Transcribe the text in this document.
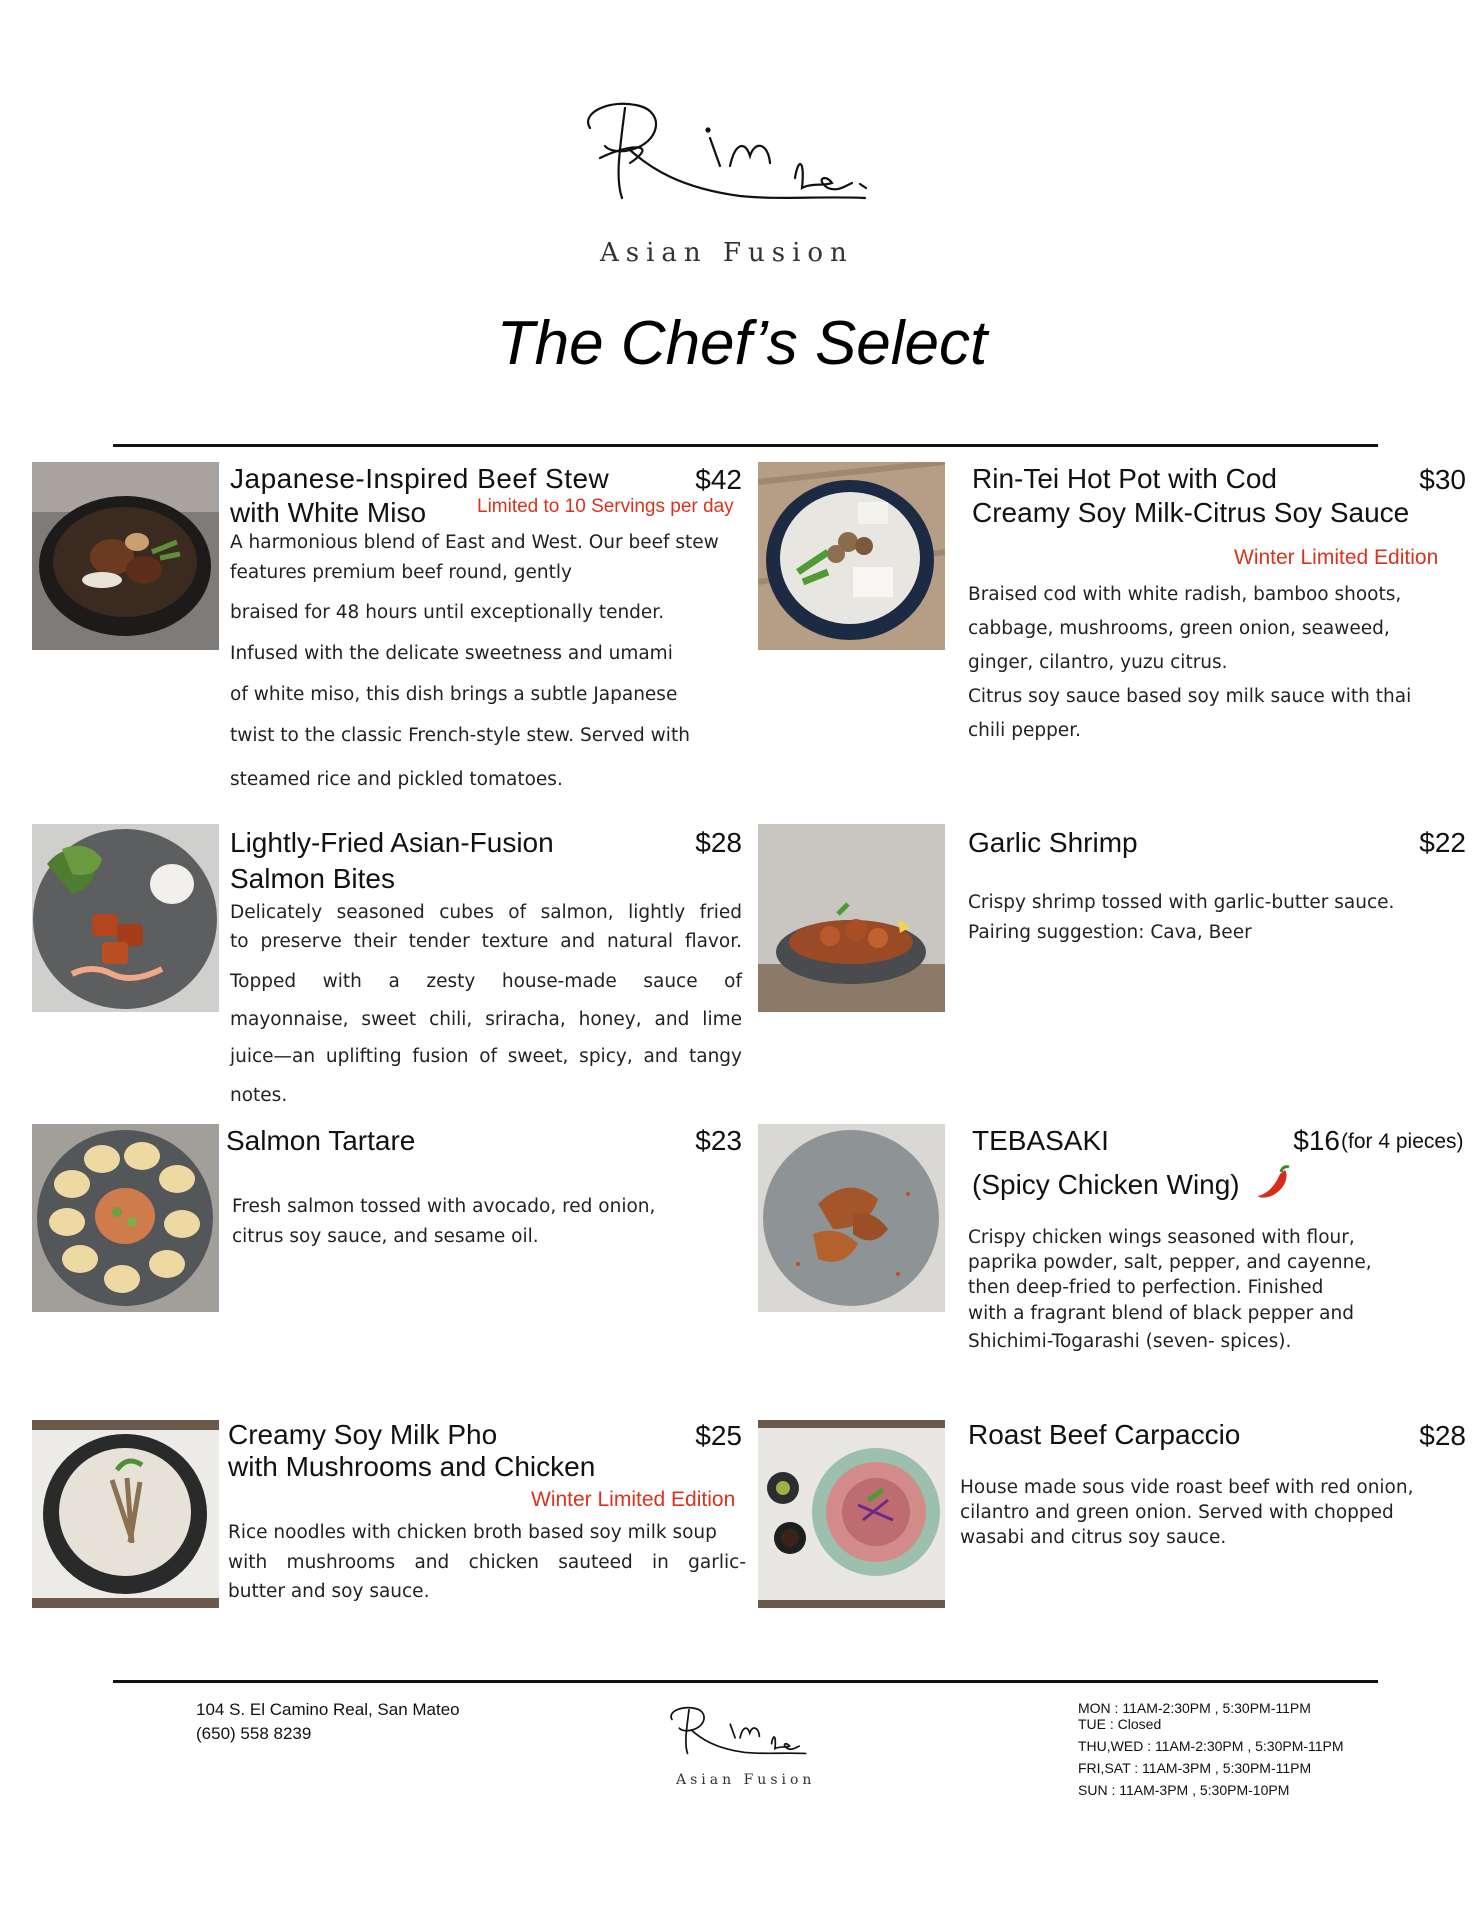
Asian Fusion
The Chef’s Select
Japanese-Inspired Beef Stew
with White Miso
$42
Limited to 10 Servings per day
A harmonious blend of East and West. Our beef stew
features premium beef round, gently
braised for 48 hours until exceptionally tender.
Infused with the delicate sweetness and umami
of white miso, this dish brings a subtle Japanese
twist to the classic French-style stew. Served with
steamed rice and pickled tomatoes.
Rin-Tei Hot Pot with Cod
Creamy Soy Milk-Citrus Soy Sauce
$30
Winter Limited Edition
Braised cod with white radish, bamboo shoots,
cabbage, mushrooms, green onion, seaweed,
ginger, cilantro, yuzu citrus.
Citrus soy sauce based soy milk sauce with thai
chili pepper.
Lightly-Fried Asian-Fusion
Salmon Bites
$28
Delicately seasoned cubes of salmon, lightly fried
to preserve their tender texture and natural flavor.
Topped with a zesty house-made sauce of
mayonnaise, sweet chili, sriracha, honey, and lime
juice—an uplifting fusion of sweet, spicy, and tangy
notes.
Garlic Shrimp	$22
Crispy shrimp tossed with garlic-butter sauce.
Pairing suggestion: Cava, Beer
Salmon Tartare	$23
Fresh salmon tossed with avocado, red onion,
citrus soy sauce, and sesame oil.
TEBASAKI
(Spicy Chicken Wing)
$16 (for 4 pieces)
Crispy chicken wings seasoned with flour,
paprika powder, salt, pepper, and cayenne,
then deep-fried to perfection. Finished
with a fragrant blend of black pepper and
Shichimi-Togarashi (seven- spices).
Creamy Soy Milk Pho
with Mushrooms and Chicken
$25
Winter Limited Edition
Rice noodles with chicken broth based soy milk soup
with mushrooms and chicken sauteed in garlic-
butter and soy sauce.
Roast Beef Carpaccio	$28
House made sous vide roast beef with red onion,
cilantro and green onion. Served with chopped
wasabi and citrus soy sauce.
104 S. El Camino Real, San Mateo
(650) 558 8239
Asian Fusion
MON : 11AM-2:30PM , 5:30PM-11PM
TUE : Closed
THU,WED : 11AM-2:30PM , 5:30PM-11PM
FRI,SAT : 11AM-3PM , 5:30PM-11PM
SUN : 11AM-3PM , 5:30PM-10PM
